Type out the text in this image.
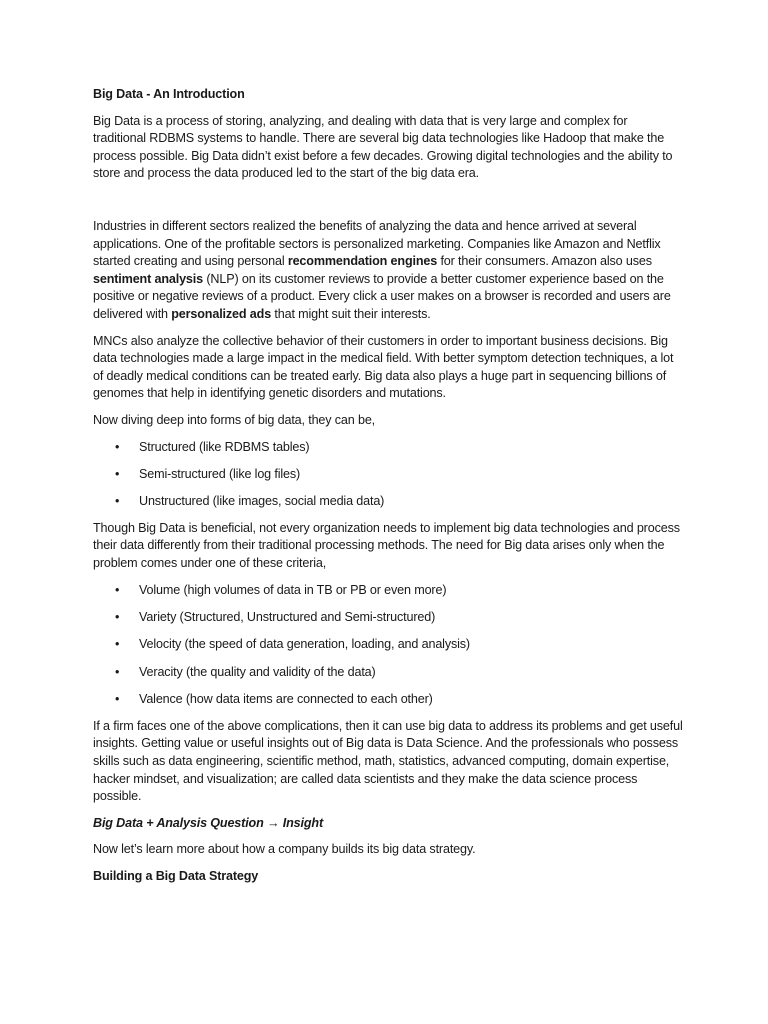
Big Data - An Introduction

Big Data is a process of storing, analyzing, and dealing with data that is very large and complex for traditional RDBMS systems to handle. There are several big data technologies like Hadoop that make the process possible. Big Data didn’t exist before a few decades. Growing digital technologies and the ability to store and process the data produced led to the start of the big data era.

Industries in different sectors realized the benefits of analyzing the data and hence arrived at several applications. One of the profitable sectors is personalized marketing. Companies like Amazon and Netflix started creating and using personal recommendation engines for their consumers. Amazon also uses sentiment analysis (NLP) on its customer reviews to provide a better customer experience based on the positive or negative reviews of a product. Every click a user makes on a browser is recorded and users are delivered with personalized ads that might suit their interests.

MNCs also analyze the collective behavior of their customers in order to important business decisions. Big data technologies made a large impact in the medical field. With better symptom detection techniques, a lot of deadly medical conditions can be treated early. Big data also plays a huge part in sequencing billions of genomes that help in identifying genetic disorders and mutations.

Now diving deep into forms of big data, they can be,

• Structured (like RDBMS tables)
• Semi-structured (like log files)
• Unstructured (like images, social media data)

Though Big Data is beneficial, not every organization needs to implement big data technologies and process their data differently from their traditional processing methods. The need for Big data arises only when the problem comes under one of these criteria,

• Volume (high volumes of data in TB or PB or even more)
• Variety (Structured, Unstructured and Semi-structured)
• Velocity (the speed of data generation, loading, and analysis)
• Veracity (the quality and validity of the data)
• Valence (how data items are connected to each other)

If a firm faces one of the above complications, then it can use big data to address its problems and get useful insights. Getting value or useful insights out of Big data is Data Science. And the professionals who possess skills such as data engineering, scientific method, math, statistics, advanced computing, domain expertise, hacker mindset, and visualization; are called data scientists and they make the data science process possible.

Big Data + Analysis Question → Insight

Now let’s learn more about how a company builds its big data strategy.

Building a Big Data Strategy
